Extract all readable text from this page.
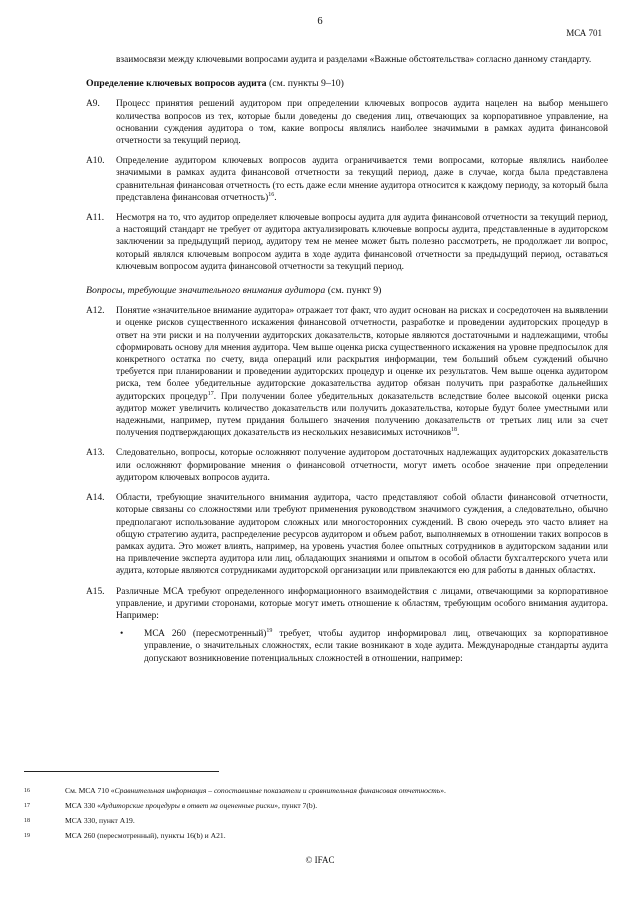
6
МСА 701
взаимосвязи между ключевыми вопросами аудита и разделами «Важные обстоятельства» согласно данному стандарту.
Определение ключевых вопросов аудита (см. пункты 9–10)
A9.	Процесс принятия решений аудитором при определении ключевых вопросов аудита нацелен на выбор меньшего количества вопросов из тех, которые были доведены до сведения лиц, отвечающих за корпоративное управление, на основании суждения аудитора о том, какие вопросы являлись наиболее значимыми в рамках аудита финансовой отчетности за текущий период.
A10.	Определение аудитором ключевых вопросов аудита ограничивается теми вопросами, которые являлись наиболее значимыми в рамках аудита финансовой отчетности за текущий период, даже в случае, когда была представлена сравнительная финансовая отчетность (то есть даже если мнение аудитора относится к каждому периоду, за который была представлена финансовая отчетность)$^{16}$.
A11.	Несмотря на то, что аудитор определяет ключевые вопросы аудита для аудита финансовой отчетности за текущий период, а настоящий стандарт не требует от аудитора актуализировать ключевые вопросы аудита, представленные в аудиторском заключении за предыдущий период, аудитору тем не менее может быть полезно рассмотреть, не продолжает ли вопрос, который являлся ключевым вопросом аудита в ходе аудита финансовой отчетности за предыдущий период, оставаться ключевым вопросом аудита финансовой отчетности за текущий период.
Вопросы, требующие значительного внимания аудитора (см. пункт 9)
A12.	Понятие «значительное внимание аудитора» отражает тот факт, что аудит основан на рисках и сосредоточен на выявлении и оценке рисков существенного искажения финансовой отчетности, разработке и проведении аудиторских процедур в ответ на эти риски и на получении аудиторских доказательств, которые являются достаточными и надлежащими, чтобы сформировать основу для мнения аудитора. Чем выше оценка риска существенного искажения на уровне предпосылок для конкретного остатка по счету, вида операций или раскрытия информации, тем больший объем суждений обычно требуется при планировании и проведении аудиторских процедур и оценке их результатов. Чем выше оценка аудитором риска, тем более убедительные аудиторские доказательства аудитор обязан получить при разработке дальнейших аудиторских процедур$^{17}$. При получении более убедительных доказательств вследствие более высокой оценки риска аудитор может увеличить количество доказательств или получить доказательства, которые будут более уместными или надежными, например, путем придания большего значения получению доказательств от третьих лиц или за счет получения подтверждающих доказательств из нескольких независимых источников$^{18}$.
A13.	Следовательно, вопросы, которые осложняют получение аудитором достаточных надлежащих аудиторских доказательств или осложняют формирование мнения о финансовой отчетности, могут иметь особое значение при определении аудитором ключевых вопросов аудита.
A14.	Области, требующие значительного внимания аудитора, часто представляют собой области финансовой отчетности, которые связаны со сложностями или требуют применения руководством значимого суждения, а следовательно, обычно предполагают использование аудитором сложных или многосторонних суждений. В свою очередь это часто влияет на общую стратегию аудита, распределение ресурсов аудитором и объем работ, выполняемых в отношении таких вопросов в рамках аудита. Это может влиять, например, на уровень участия более опытных сотрудников в аудиторском задании или на привлечение эксперта аудитора или лиц, обладающих знаниями и опытом в особой области бухгалтерского учета или аудита, которые являются сотрудниками аудиторской организации или привлекаются ею для работы в данных областях.
A15.	Различные МСА требуют определенного информационного взаимодействия с лицами, отвечающими за корпоративное управление, и другими сторонами, которые могут иметь отношение к областям, требующим особого внимания аудитора. Например:
•	МСА 260 (пересмотренный)$^{19}$ требует, чтобы аудитор информировал лиц, отвечающих за корпоративное управление, о значительных сложностях, если такие возникают в ходе аудита. Международные стандарты аудита допускают возникновение потенциальных сложностей в отношении, например:
16	См. МСА 710 «Сравнительная информация – сопоставимые показатели и сравнительная финансовая отчетность».
17	МСА 330 «Аудиторские процедуры в ответ на оцененные риски», пункт 7(b).
18	МСА 330, пункт A19.
19	МСА 260 (пересмотренный), пункты 16(b) и A21.
© IFAC
